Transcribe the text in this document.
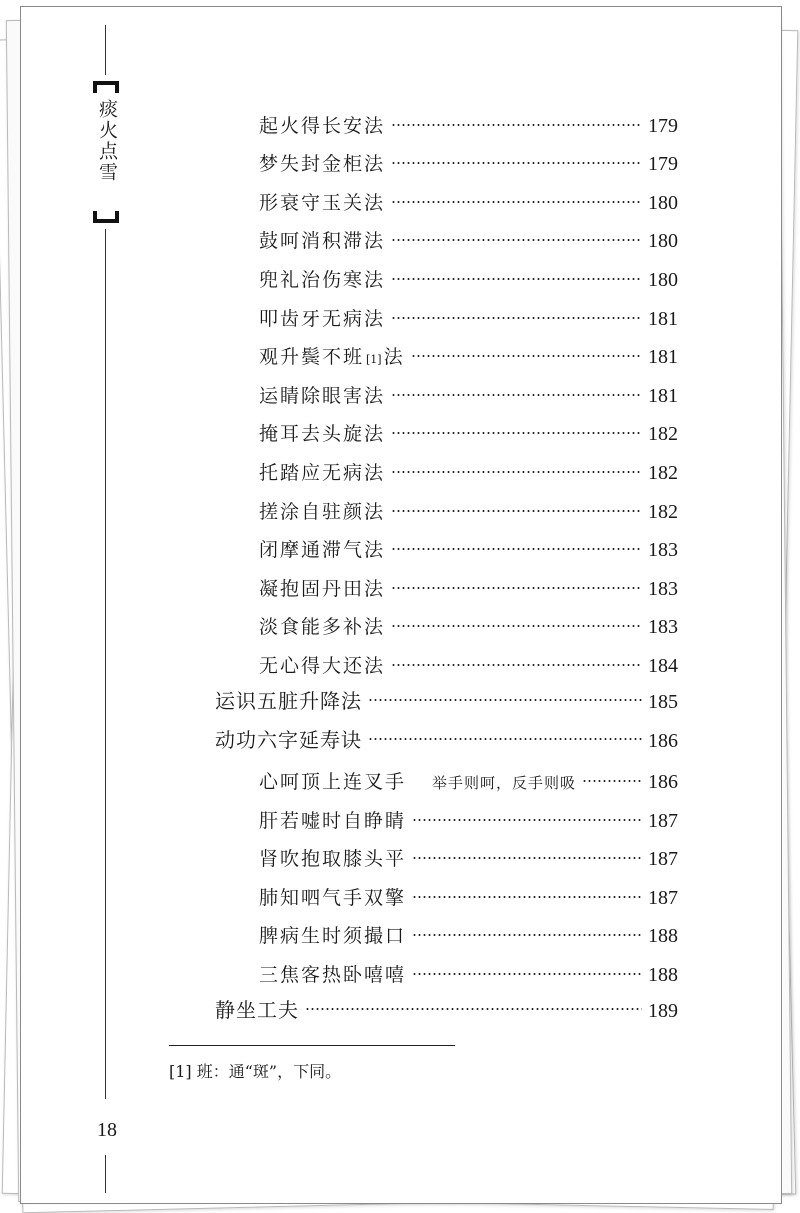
痰火点雪
18
起火得长安法	179
梦失封金柜法	179
形衰守玉关法	180
鼓呵消积滞法	180
兜礼治伤寒法	180
叩齿牙无病法	181
观升鬓不班$_{[1]}$ 法	181
运睛除眼害法	181
掩耳去头旋法	182
托踏应无病法	182
搓涂自驻颜法	182
闭摩通滞气法	183
凝抱固丹田法	183
淡食能多补法	183
无心得大还法	184
运识五脏升降法	185
动功六字延寿诀	186
心呵顶上连叉手 举手则呵，反手则吸	186
肝若嘘时自睁睛	187
肾吹抱取膝头平	187
肺知呬气手双擎	187
脾病生时须撮口	188
三焦客热卧嘻嘻	188
静坐工夫	189
[1] 班：通“斑”，下同。
